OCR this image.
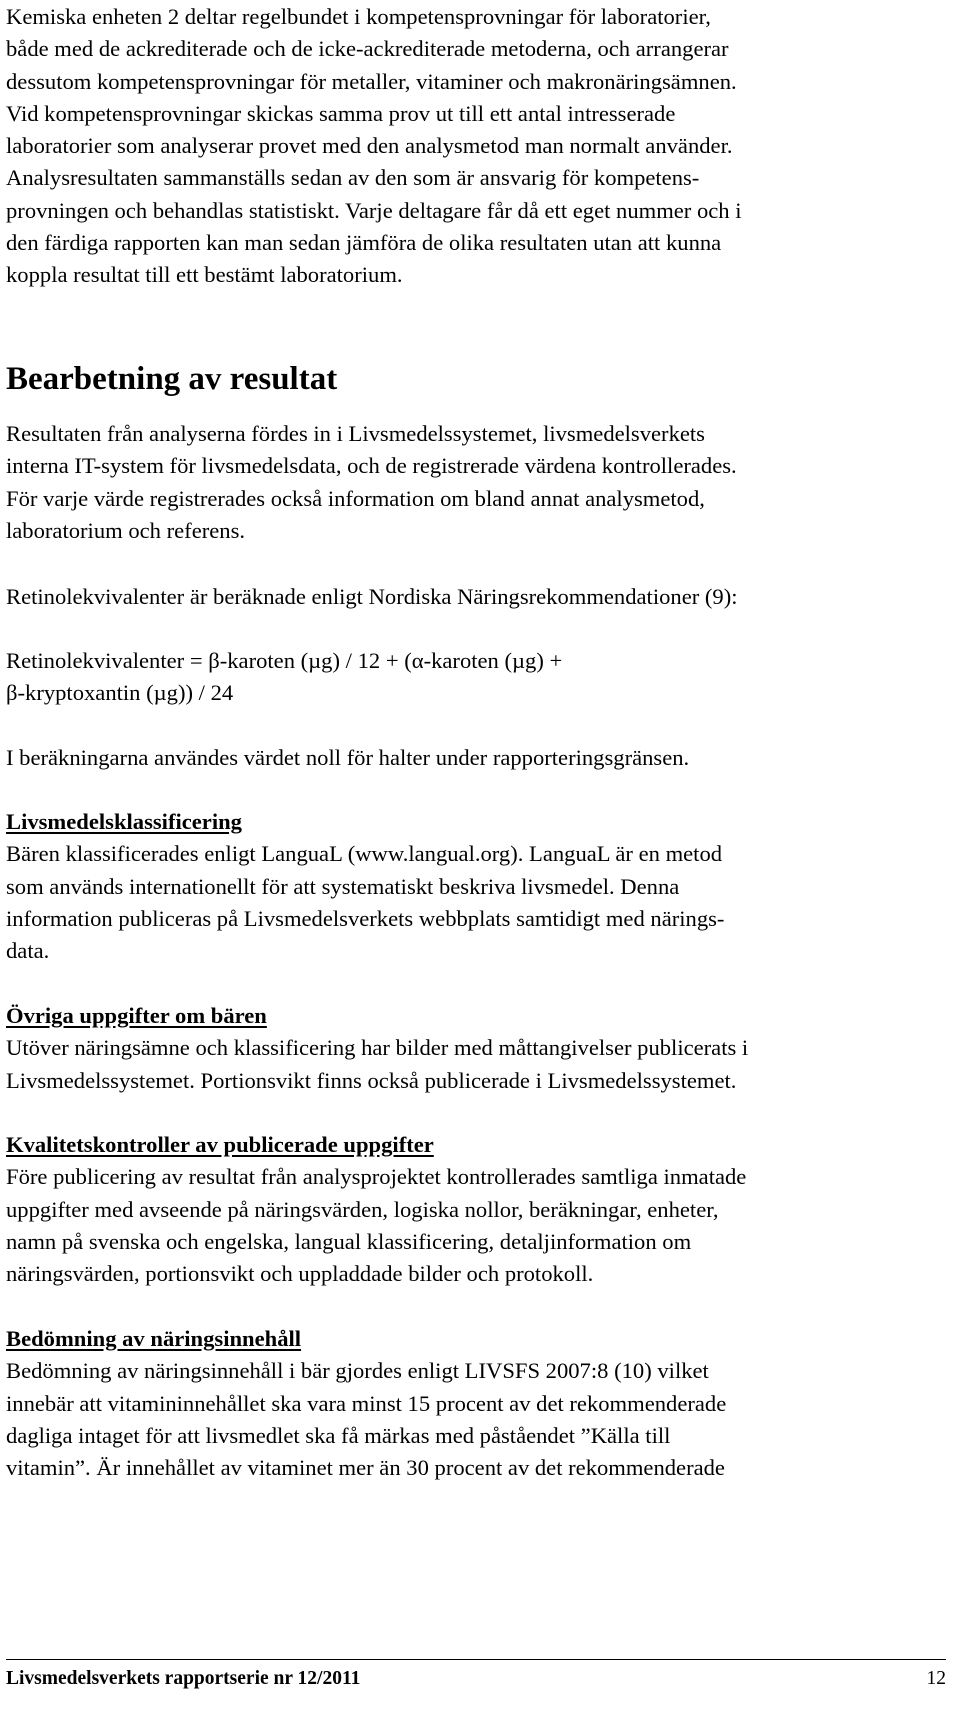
Kemiska enheten 2 deltar regelbundet i kompetensprovningar för laboratorier,
både med de ackrediterade och de icke-ackrediterade metoderna, och arrangerar
dessutom kompetensprovningar för metaller, vitaminer och makronäringsämnen.
Vid kompetensprovningar skickas samma prov ut till ett antal intresserade
laboratorier som analyserar provet med den analysmetod man normalt använder.
Analysresultaten sammanställs sedan av den som är ansvarig för kompetens-
provningen och behandlas statistiskt. Varje deltagare får då ett eget nummer och i
den färdiga rapporten kan man sedan jämföra de olika resultaten utan att kunna
koppla resultat till ett bestämt laboratorium.

Bearbetning av resultat

Resultaten från analyserna fördes in i Livsmedelssystemet, livsmedelsverkets
interna IT-system för livsmedelsdata, och de registrerade värdena kontrollerades.
För varje värde registrerades också information om bland annat analysmetod,
laboratorium och referens.

Retinolekvivalenter är beräknade enligt Nordiska Näringsrekommendationer (9):

Retinolekvivalenter = β-karoten (µg) / 12 + (α-karoten (µg) +
β-kryptoxantin (µg)) / 24

I beräkningarna användes värdet noll för halter under rapporteringsgränsen.

Livsmedelsklassificering
Bären klassificerades enligt LanguaL (www.langual.org). LanguaL är en metod
som används internationellt för att systematiskt beskriva livsmedel. Denna
information publiceras på Livsmedelsverkets webbplats samtidigt med närings-
data.
Övriga uppgifter om bären
Utöver näringsämne och klassificering har bilder med måttangivelser publicerats i
Livsmedelssystemet. Portionsvikt finns också publicerade i Livsmedelssystemet.
Kvalitetskontroller av publicerade uppgifter
Före publicering av resultat från analysprojektet kontrollerades samtliga inmatade
uppgifter med avseende på näringsvärden, logiska nollor, beräkningar, enheter,
namn på svenska och engelska, langual klassificering, detaljinformation om
näringsvärden, portionsvikt och uppladdade bilder och protokoll.
Bedömning av näringsinnehåll
Bedömning av näringsinnehåll i bär gjordes enligt LIVSFS 2007:8 (10) vilket
innebär att vitamininnehållet ska vara minst 15 procent av det rekommenderade
dagliga intaget för att livsmedlet ska få märkas med påståendet ”Källa till
vitamin”. Är innehållet av vitaminet mer än 30 procent av det rekommenderade
Livsmedelsverkets rapportserie nr 12/2011	12
